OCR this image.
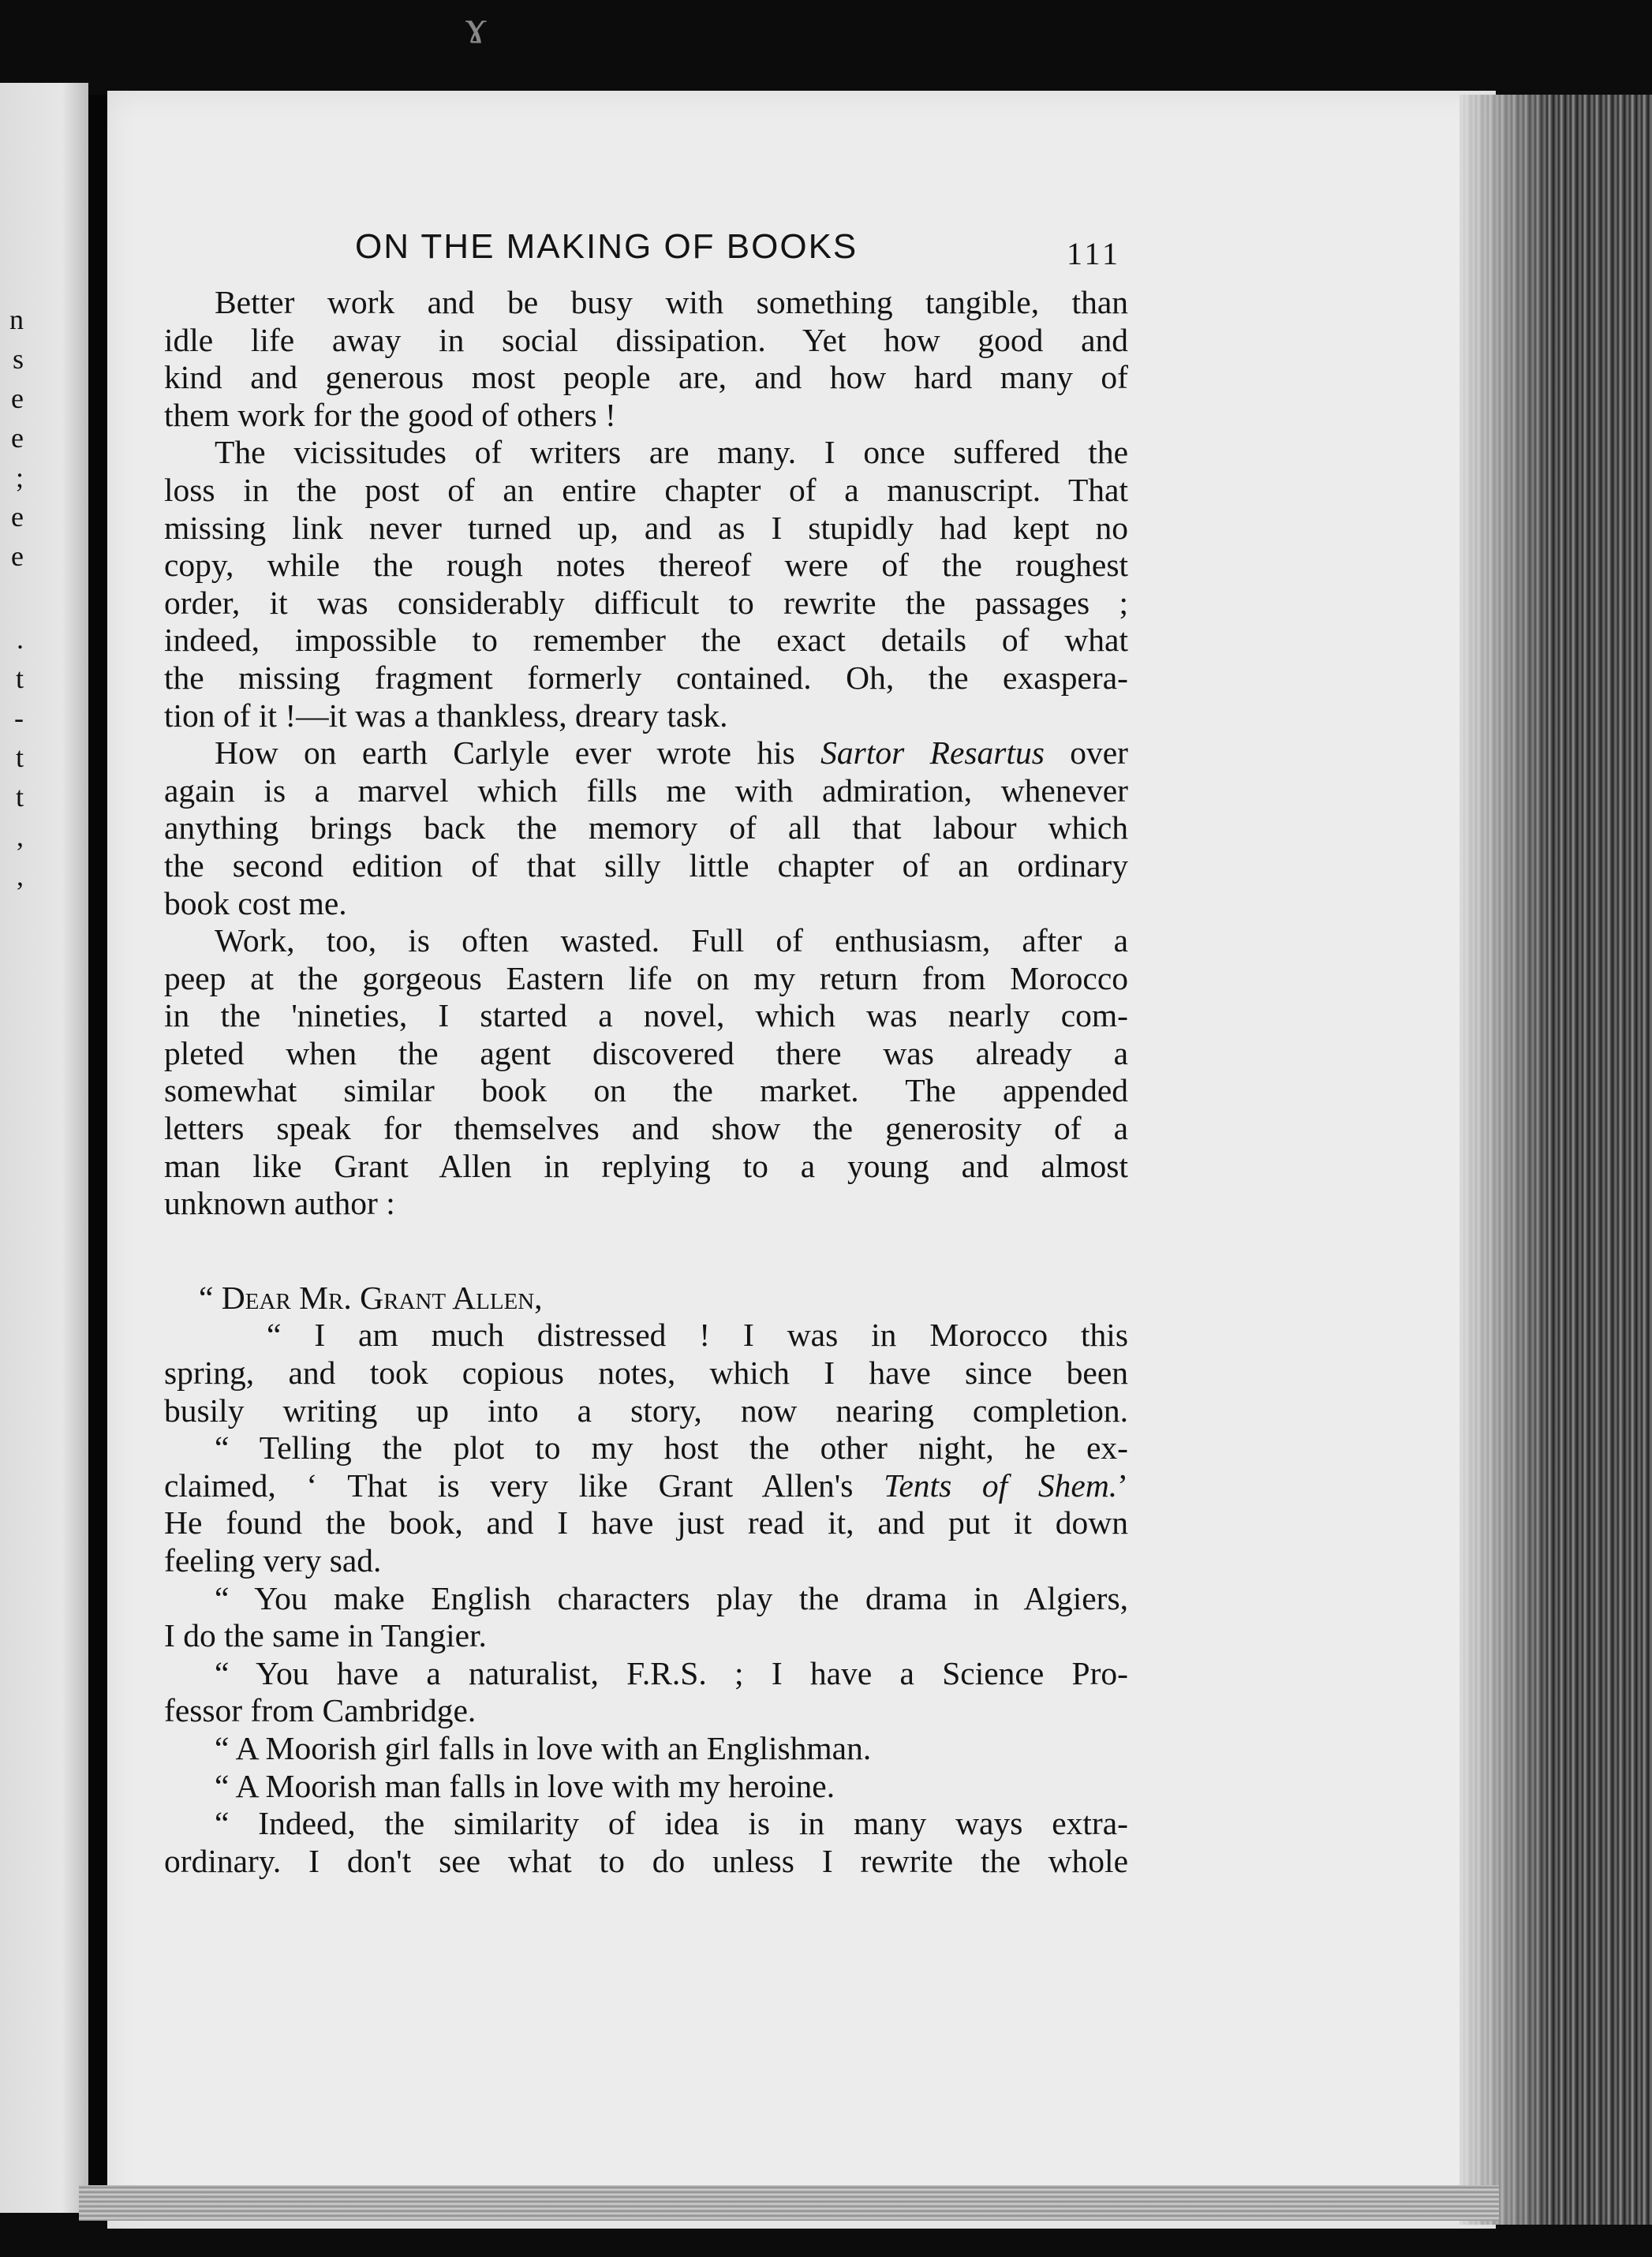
ɤ
n
s
e
e
;
e
e
.
t
-
t
t
,
,
ON THE MAKING OF BOOKS	111
Better work and be busy with something tangible, than
idle life away in social dissipation. Yet how good and
kind and generous most people are, and how hard many of
them work for the good of others !
The vicissitudes of writers are many. I once suffered the
loss in the post of an entire chapter of a manuscript. That
missing link never turned up, and as I stupidly had kept no
copy, while the rough notes thereof were of the roughest
order, it was considerably difficult to rewrite the passages ;
indeed, impossible to remember the exact details of what
the missing fragment formerly contained. Oh, the exaspera-
tion of it !—it was a thankless, dreary task.
How on earth Carlyle ever wrote his Sartor Resartus over
again is a marvel which fills me with admiration, whenever
anything brings back the memory of all that labour which
the second edition of that silly little chapter of an ordinary
book cost me.
Work, too, is often wasted. Full of enthusiasm, after a
peep at the gorgeous Eastern life on my return from Morocco
in the 'nineties, I started a novel, which was nearly com-
pleted when the agent discovered there was already a
somewhat similar book on the market. The appended
letters speak for themselves and show the generosity of a
man like Grant Allen in replying to a young and almost
unknown author :
“ Dear Mr. Grant Allen,
“ I am much distressed ! I was in Morocco this
spring, and took copious notes, which I have since been
busily writing up into a story, now nearing completion.
“ Telling the plot to my host the other night, he ex-
claimed, ‘ That is very like Grant Allen's Tents of Shem.’
He found the book, and I have just read it, and put it down
feeling very sad.
“ You make English characters play the drama in Algiers,
I do the same in Tangier.
“ You have a naturalist, F.R.S. ; I have a Science Pro-
fessor from Cambridge.
“ A Moorish girl falls in love with an Englishman.
“ A Moorish man falls in love with my heroine.
“ Indeed, the similarity of idea is in many ways extra-
ordinary. I don't see what to do unless I rewrite the whole
